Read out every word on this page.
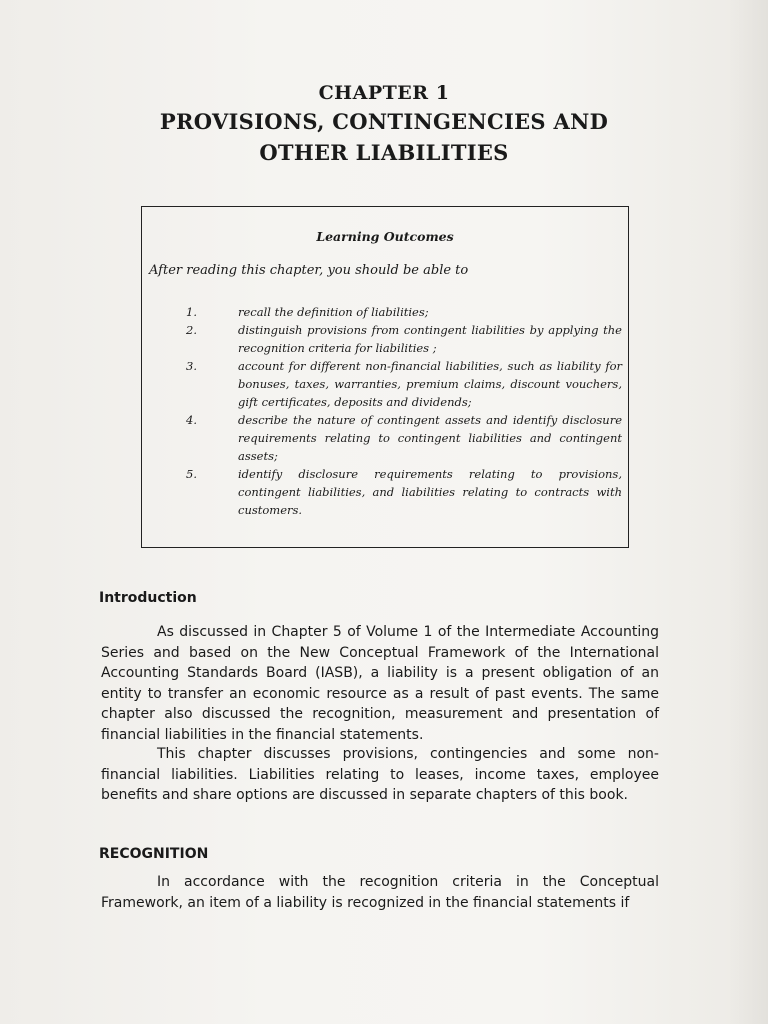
CHAPTER 1
PROVISIONS, CONTINGENCIES AND
OTHER LIABILITIES
Learning Outcomes
After reading this chapter, you should be able to
1.	recall the definition of liabilities;
2.	distinguish provisions from contingent liabilities by applying the recognition criteria for liabilities ;
3.	account for different non-financial liabilities, such as liability for bonuses, taxes, warranties, premium claims, discount vouchers, gift certificates, deposits and dividends;
4.	describe the nature of contingent assets and identify disclosure requirements relating to contingent liabilities and contingent assets;
5.	identify disclosure requirements relating to provisions, contingent liabilities, and liabilities relating to contracts with customers.
Introduction

As discussed in Chapter 5 of Volume 1 of the Intermediate Accounting Series and based on the New Conceptual Framework of the International Accounting Standards Board (IASB), a liability is a present obligation of an entity to transfer an economic resource as a result of past events. The same chapter also discussed the recognition, measurement and presentation of financial liabilities in the financial statements.

This chapter discusses provisions, contingencies and some non-financial liabilities. Liabilities relating to leases, income taxes, employee benefits and share options are discussed in separate chapters of this book.

RECOGNITION

In accordance with the recognition criteria in the Conceptual Framework, an item of a liability is recognized in the financial statements if
